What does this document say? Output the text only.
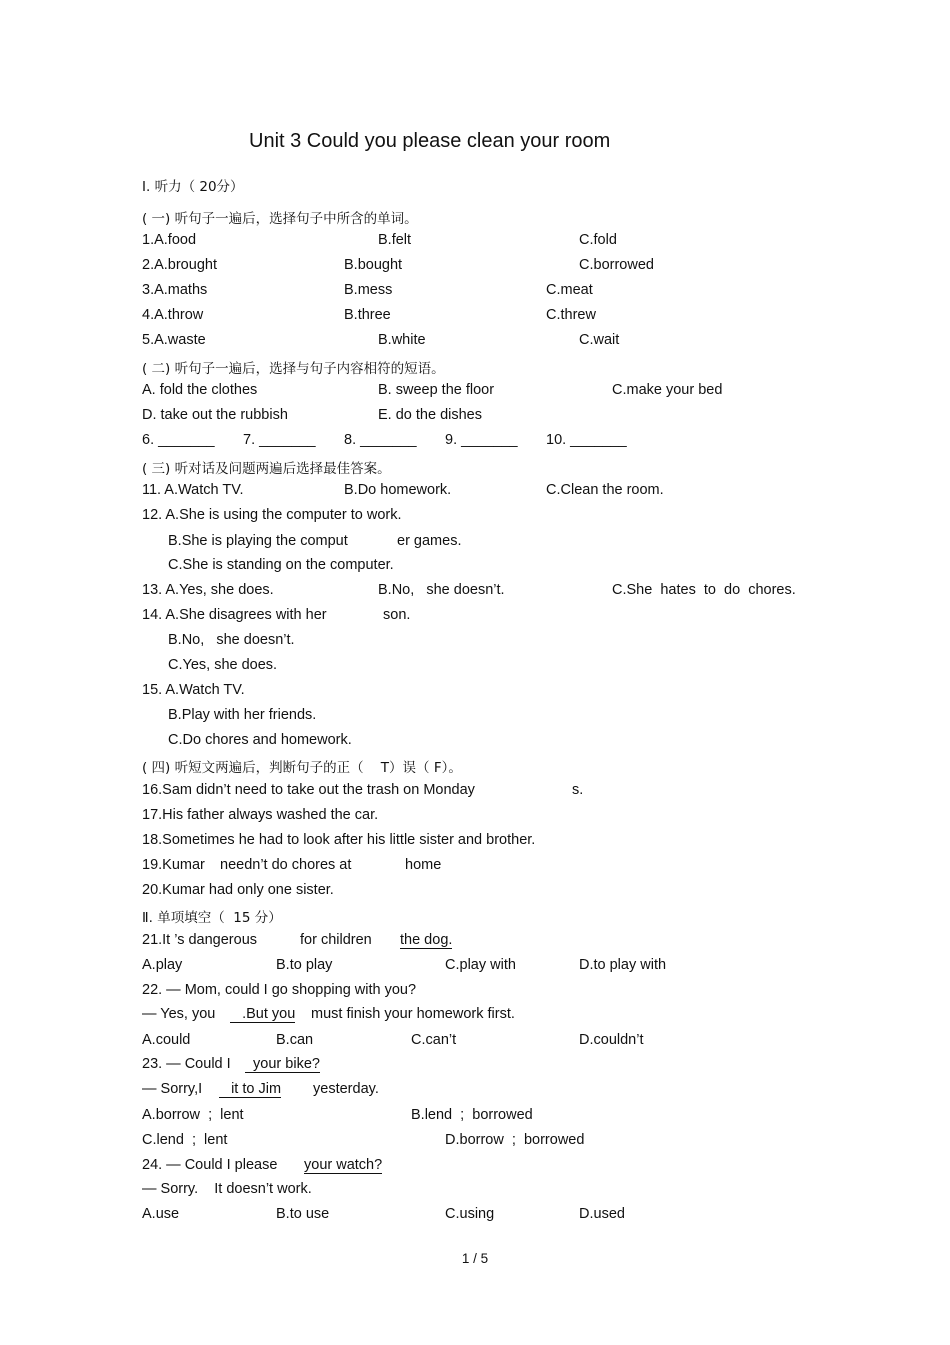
Unit 3 Could you please clean your room
Ⅰ. 听力（ 20分）
( 一) 听句子一遍后，选择句子中所含的单词。
1.A.food	B.felt	C.fold
2.A.brought	B.bought	C.borrowed
3.A.maths	B.mess	C.meat
4.A.throw	B.three	C.threw
5.A.waste	B.white	C.wait
( 二) 听句子一遍后，选择与句子内容相符的短语。
A. fold the clothes	B. sweep the floor	C.make your bed
D. take out the rubbish	E. do the dishes
6. _______ 7. _______ 8. _______ 9. _______ 10. _______
( 三) 听对话及问题两遍后选择最佳答案。
11. A.Watch TV.	B.Do homework.	C.Clean the room.
12. A.She is using the computer to work.
B.She is playing the comput	er games.
C.She is standing on the computer.
13. A.Yes, she does.	B.No,   she doesn’t.	C.She  hates  to  do  chores.
14. A.She disagrees with her	son.
B.No,   she doesn’t.
C.Yes, she does.
15. A.Watch TV.
B.Play with her friends.
C.Do chores and homework.
( 四) 听短文两遍后，判断句子的正（    T）误（ F）。
16.Sam didn’t need to take out the trash on Monday	s.
17.His father always washed the car.
18.Sometimes he had to look after his little sister and brother.
19.Kumar needn’t do chores at	home
20.Kumar had only one sister.
Ⅱ. 单项填空（  15 分）
21.It ’s dangerous	for children the dog.
A.play	B.to play	C.play with	D.to play with
22. — Mom, could I go shopping with you?
— Yes, you .But you must finish your homework first.
A.could	B.can	C.can’t	D.couldn’t
23. — Could I your bike?
— Sorry,I it to Jim yesterday.
A.borrow  ;  lent	B.lend  ;  borrowed
C.lend  ;  lent	D.borrow  ;  borrowed
24. — Could I please your watch?
— Sorry.    It doesn’t work.
A.use	B.to use	C.using	D.used
1 / 5
